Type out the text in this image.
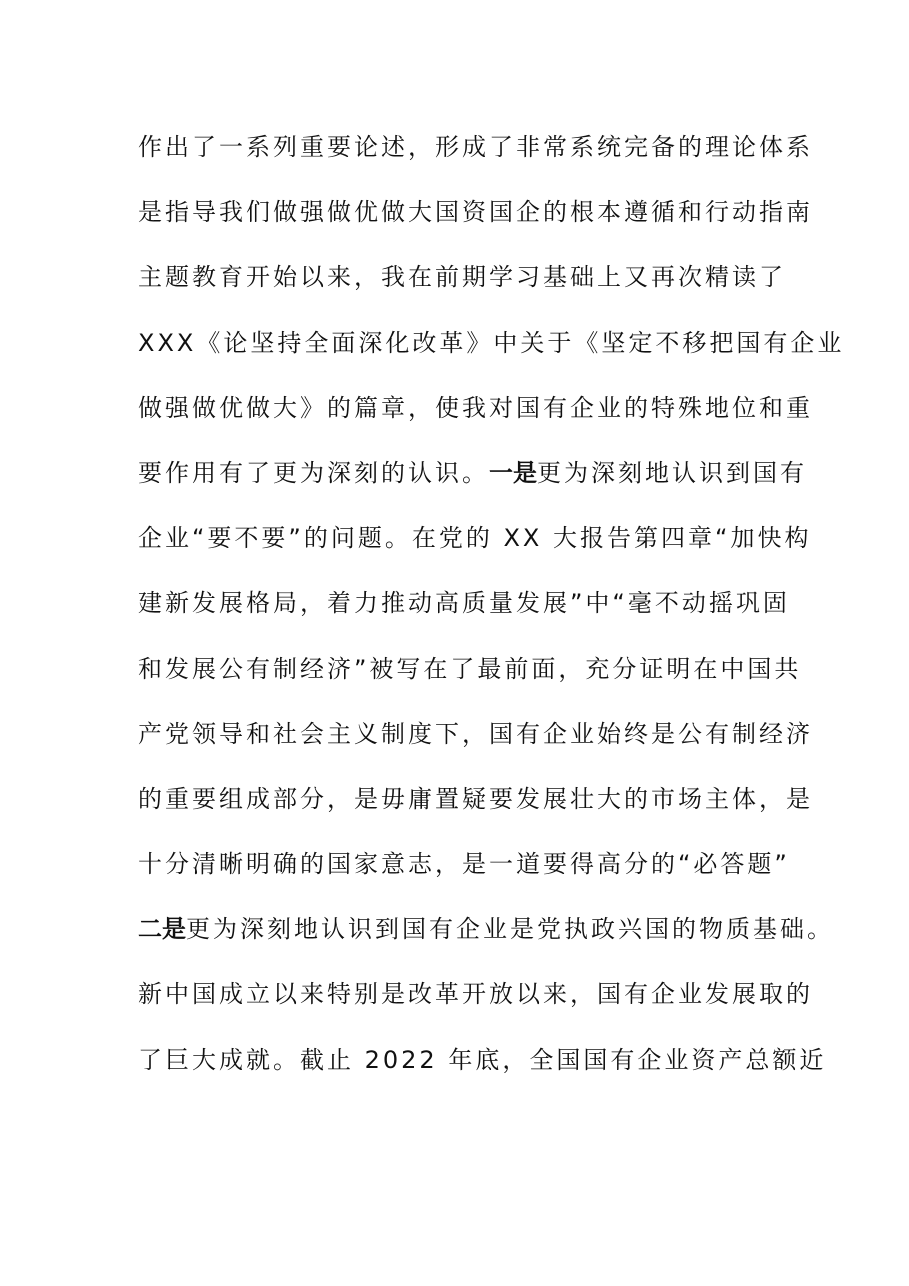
作出了一系列重要论述，形成了非常系统完备的理论体系
是指导我们做强做优做大国资国企的根本遵循和行动指南
主题教育开始以来，我在前期学习基础上又再次精读了
XXX《论坚持全面深化改革》中关于《坚定不移把国有企业
做强做优做大》的篇章，使我对国有企业的特殊地位和重
要作用有了更为深刻的认识。一是更为深刻地认识到国有
企业“要不要”的问题。在党的 XX 大报告第四章“加快构
建新发展格局，着力推动高质量发展”中“毫不动摇巩固
和发展公有制经济”被写在了最前面，充分证明在中国共
产党领导和社会主义制度下，国有企业始终是公有制经济
的重要组成部分，是毋庸置疑要发展壮大的市场主体，是
十分清晰明确的国家意志，是一道要得高分的“必答题”
二是更为深刻地认识到国有企业是党执政兴国的物质基础。
新中国成立以来特别是改革开放以来，国有企业发展取的
了巨大成就。截止 2022 年底，全国国有企业资产总额近
